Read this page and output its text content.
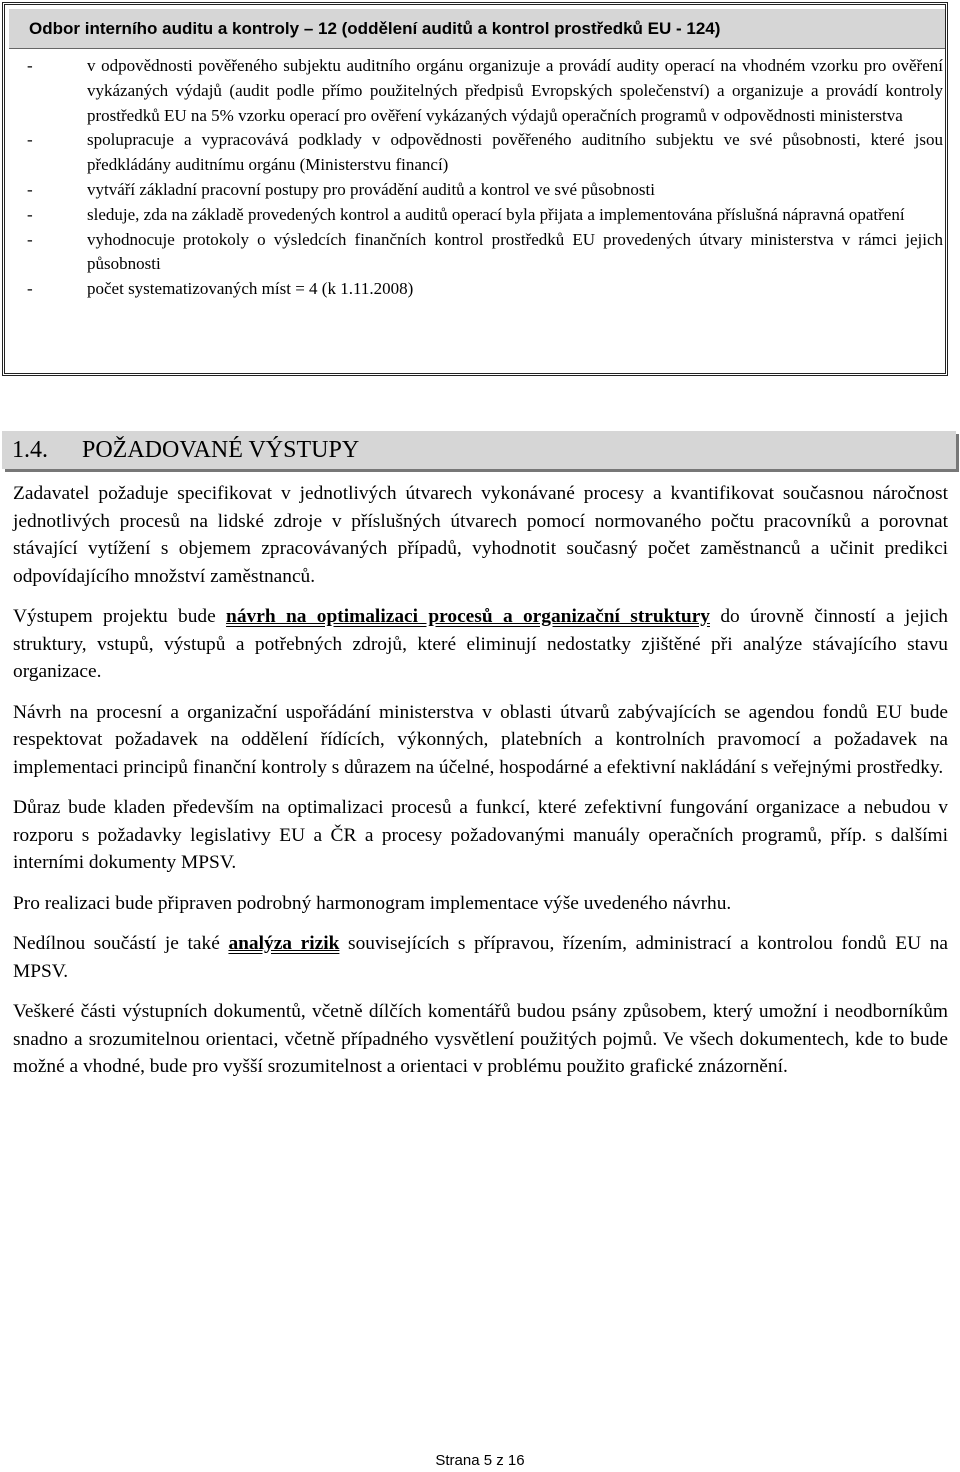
Odbor interního auditu a kontroly – 12 (oddělení auditů a kontrol prostředků EU - 124)
-	v odpovědnosti pověřeného subjektu auditního orgánu organizuje a provádí audity operací na vhodném vzorku pro ověření vykázaných výdajů (audit podle přímo použitelných předpisů Evropských společenství) a organizuje a provádí kontroly prostředků EU na 5% vzorku operací pro ověření vykázaných výdajů operačních programů v odpovědnosti ministerstva
-	spolupracuje a vypracovává podklady v odpovědnosti pověřeného auditního subjektu ve své působnosti, které jsou předkládány auditnímu orgánu (Ministerstvu financí)
-	vytváří základní pracovní postupy pro provádění auditů a kontrol ve své působnosti
-	sleduje, zda na základě provedených kontrol a auditů operací byla přijata a implementována příslušná nápravná opatření
-	vyhodnocuje protokoly o výsledcích finančních kontrol prostředků EU provedených útvary ministerstva v rámci jejich působnosti
-	počet systematizovaných míst = 4 (k 1.11.2008)
1.4. POŽADOVANÉ VÝSTUPY

Zadavatel požaduje specifikovat v jednotlivých útvarech vykonávané procesy a kvantifikovat současnou náročnost jednotlivých procesů na lidské zdroje v příslušných útvarech pomocí normovaného počtu pracovníků a porovnat stávající vytížení s objemem zpracovávaných případů, vyhodnotit současný počet zaměstnanců a učinit predikci odpovídajícího množství zaměstnanců.

Výstupem projektu bude návrh na optimalizaci procesů a organizační struktury do úrovně činností a jejich struktury, vstupů, výstupů a potřebných zdrojů, které eliminují nedostatky zjištěné při analýze stávajícího stavu organizace.

Návrh na procesní a organizační uspořádání ministerstva v oblasti útvarů zabývajících se agendou fondů EU bude respektovat požadavek na oddělení řídících, výkonných, platebních a kontrolních pravomocí a požadavek na implementaci principů finanční kontroly s důrazem na účelné, hospodárné a efektivní nakládání s veřejnými prostředky.

Důraz bude kladen především na optimalizaci procesů a funkcí, které zefektivní fungování organizace a nebudou v rozporu s požadavky legislativy EU a ČR a procesy požadovanými manuály operačních programů, příp. s dalšími interními dokumenty MPSV.

Pro realizaci bude připraven podrobný harmonogram implementace výše uvedeného návrhu.

Nedílnou součástí je také analýza rizik souvisejících s přípravou, řízením, administrací a kontrolou fondů EU na MPSV.

Veškeré části výstupních dokumentů, včetně dílčích komentářů budou psány způsobem, který umožní i neodborníkům snadno a srozumitelnou orientaci, včetně případného vysvětlení použitých pojmů. Ve všech dokumentech, kde to bude možné a vhodné, bude pro vyšší srozumitelnost a orientaci v problému použito grafické znázornění.

Strana 5 z 16
